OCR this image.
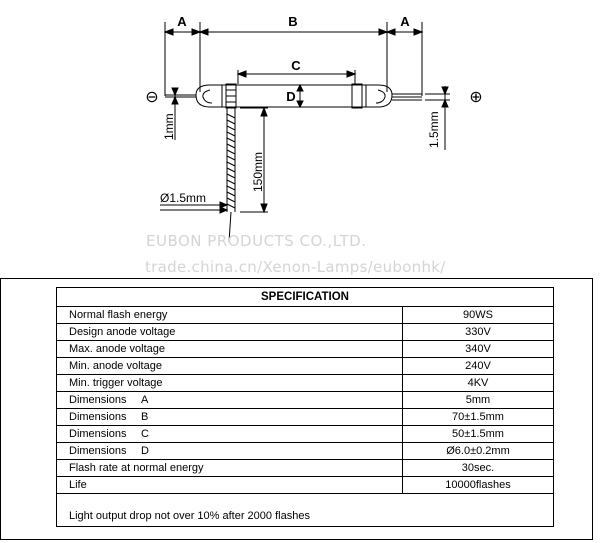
A	B	A
C
D
⊖	⊕
1mm	1.5mm
150mm
Ø1.5mm
EUBON PRODUCTS CO.,LTD.
trade.china.cn/Xenon-Lamps/eubonhk/
SPECIFICATION	
Normal flash energy	90WS
Design anode voltage	330V
Max. anode voltage	340V
Min. anode voltage	240V
Min. trigger voltage	4KV
Dimensions A	5mm
Dimensions B	70±1.5mm
Dimensions C	50±1.5mm
Dimensions D	Ø6.0±0.2mm
Flash rate at normal energy	30sec.
Life	10000flashes

Light output drop not over 10% after 2000 flashes	
